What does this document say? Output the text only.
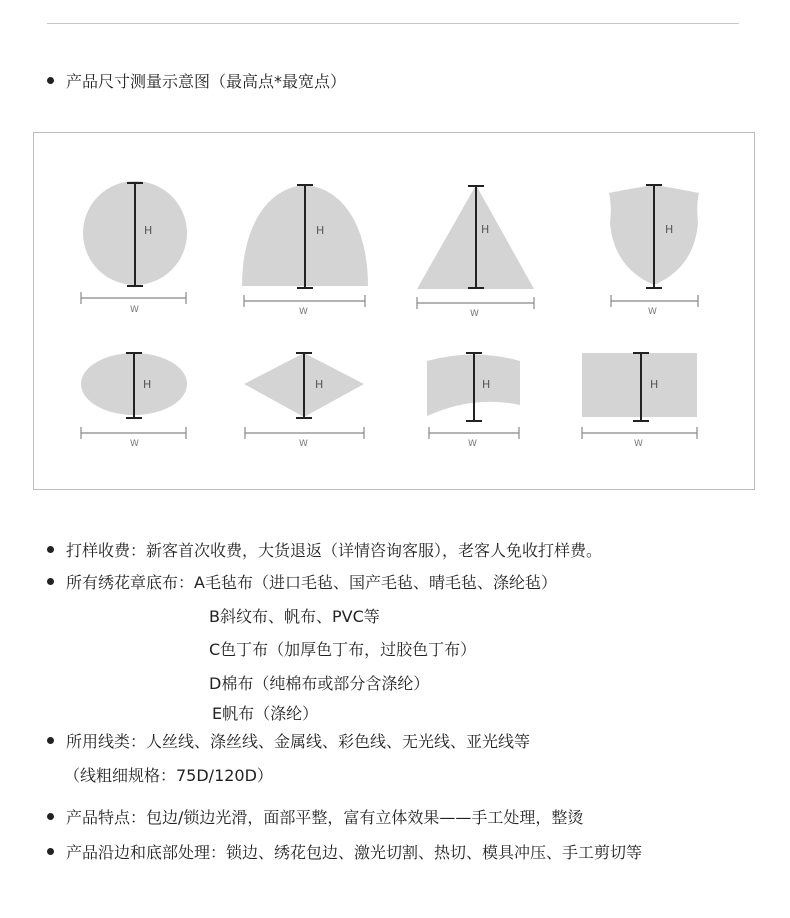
产品尺寸测量示意图（最高点*最宽点）
H	H	H	H
H	H	H	H
W	W	W	W
W	W	W	W
打样收费：新客首次收费，大货退返（详情咨询客服），老客人免收打样费。
所有绣花章底布：A毛毡布（进口毛毡、国产毛毡、晴毛毡、涤纶毡）
B斜纹布、帆布、PVC等
C色丁布（加厚色丁布，过胶色丁布）
D棉布（纯棉布或部分含涤纶）
E帆布（涤纶）
所用线类：人丝线、涤丝线、金属线、彩色线、无光线、亚光线等
（线粗细规格：75D/120D）
产品特点：包边/锁边光滑，面部平整，富有立体效果——手工处理，整烫
产品沿边和底部处理：锁边、绣花包边、激光切割、热切、模具冲压、手工剪切等
